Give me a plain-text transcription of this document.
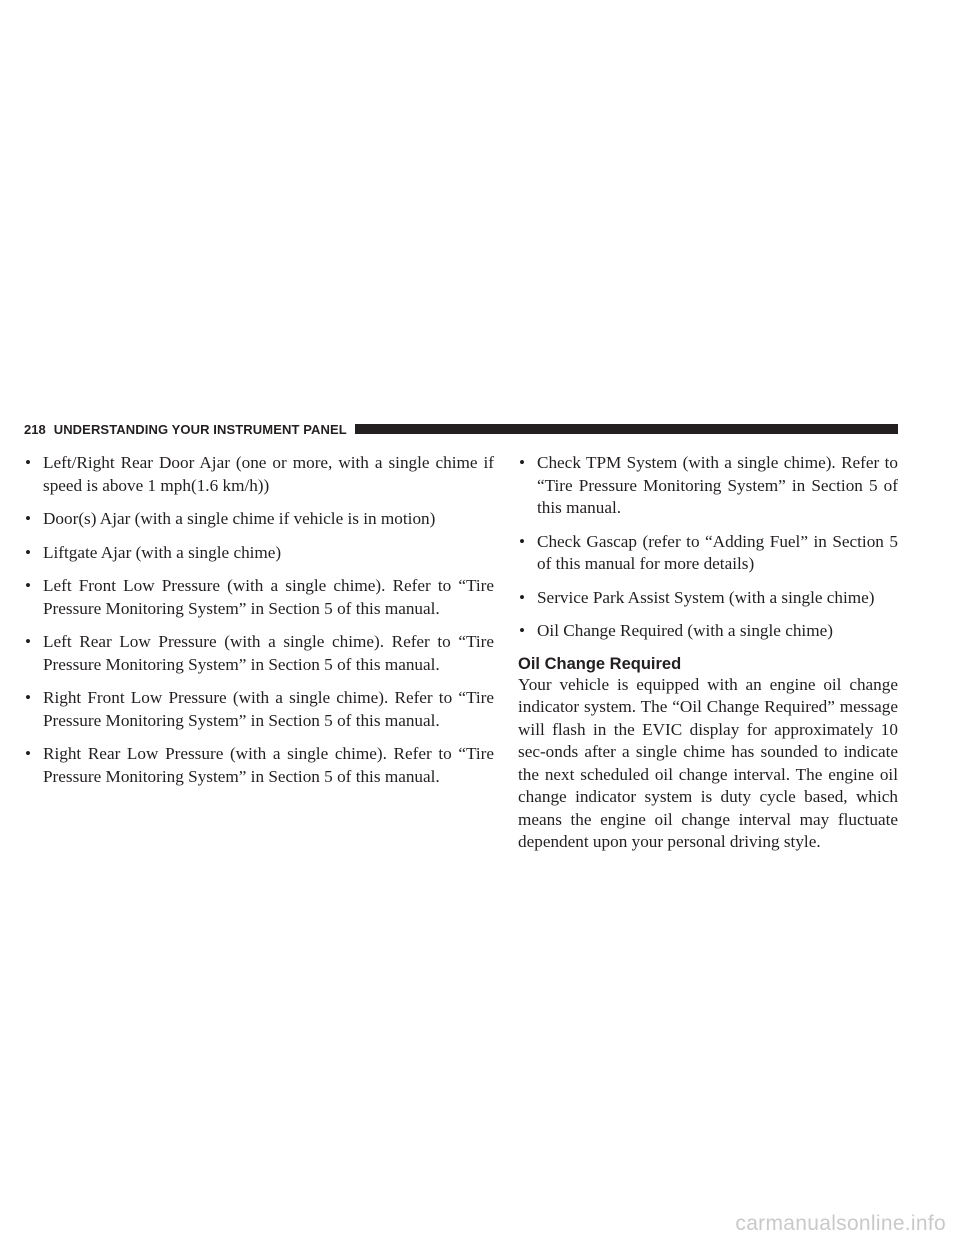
218 UNDERSTANDING YOUR INSTRUMENT PANEL
• Left/Right Rear Door Ajar (one or more, with a single chime if speed is above 1 mph(1.6 km/h))
• Door(s) Ajar (with a single chime if vehicle is in motion)
• Liftgate Ajar (with a single chime)
• Left Front Low Pressure (with a single chime). Refer to “Tire Pressure Monitoring System” in Section 5 of this manual.
• Left Rear Low Pressure (with a single chime). Refer to “Tire Pressure Monitoring System” in Section 5 of this manual.
• Right Front Low Pressure (with a single chime). Refer to “Tire Pressure Monitoring System” in Section 5 of this manual.
• Right Rear Low Pressure (with a single chime). Refer to “Tire Pressure Monitoring System” in Section 5 of this manual.
• Check TPM System (with a single chime). Refer to “Tire Pressure Monitoring System” in Section 5 of this manual.
• Check Gascap (refer to “Adding Fuel” in Section 5 of this manual for more details)
• Service Park Assist System (with a single chime)
• Oil Change Required (with a single chime)
Oil Change Required

Your vehicle is equipped with an engine oil change indicator system. The “Oil Change Required” message will flash in the EVIC display for approximately 10 sec-onds after a single chime has sounded to indicate the next scheduled oil change interval. The engine oil change indicator system is duty cycle based, which means the engine oil change interval may fluctuate dependent upon your personal driving style.

carmanualsonline.info
